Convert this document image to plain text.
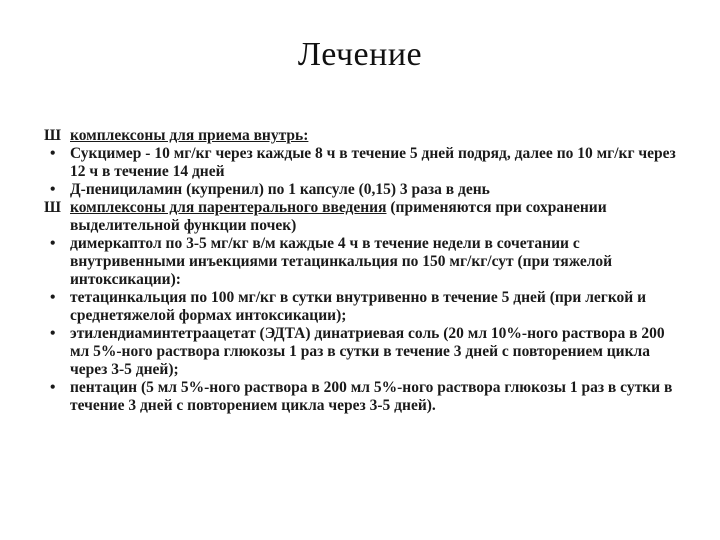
Лечение
Ш комплексоны для приема внутрь:
• Сукцимер - 10 мг/кг через каждые 8 ч в течение 5 дней подряд, далее по 10 мг/кг через 12 ч в течение 14 дней
• Д-пенициламин (купренил) по 1 капсуле (0,15) 3 раза в день
Ш комплексоны для парентерального введения (применяются при сохранении выделительной функции почек)
• димеркаптол по 3-5 мг/кг в/м каждые 4 ч в течение недели в сочетании с внутривенными инъекциями тетацинкальция по 150 мг/кг/сут (при тяжелой интоксикации):
• тетацинкальция по 100 мг/кг в сутки внутривенно в течение 5 дней (при легкой и среднетяжелой формах интоксикации);
• этилендиаминтетраацетат (ЭДТА) динатриевая соль (20 мл 10%-ного раствора в 200 мл 5%-ного раствора глюкозы 1 раз в сутки в течение 3 дней с повторением цикла через 3-5 дней);
• пентацин (5 мл 5%-ного раствора в 200 мл 5%-ного раствора глюкозы 1 раз в сутки в течение 3 дней с повторением цикла через 3-5 дней).
